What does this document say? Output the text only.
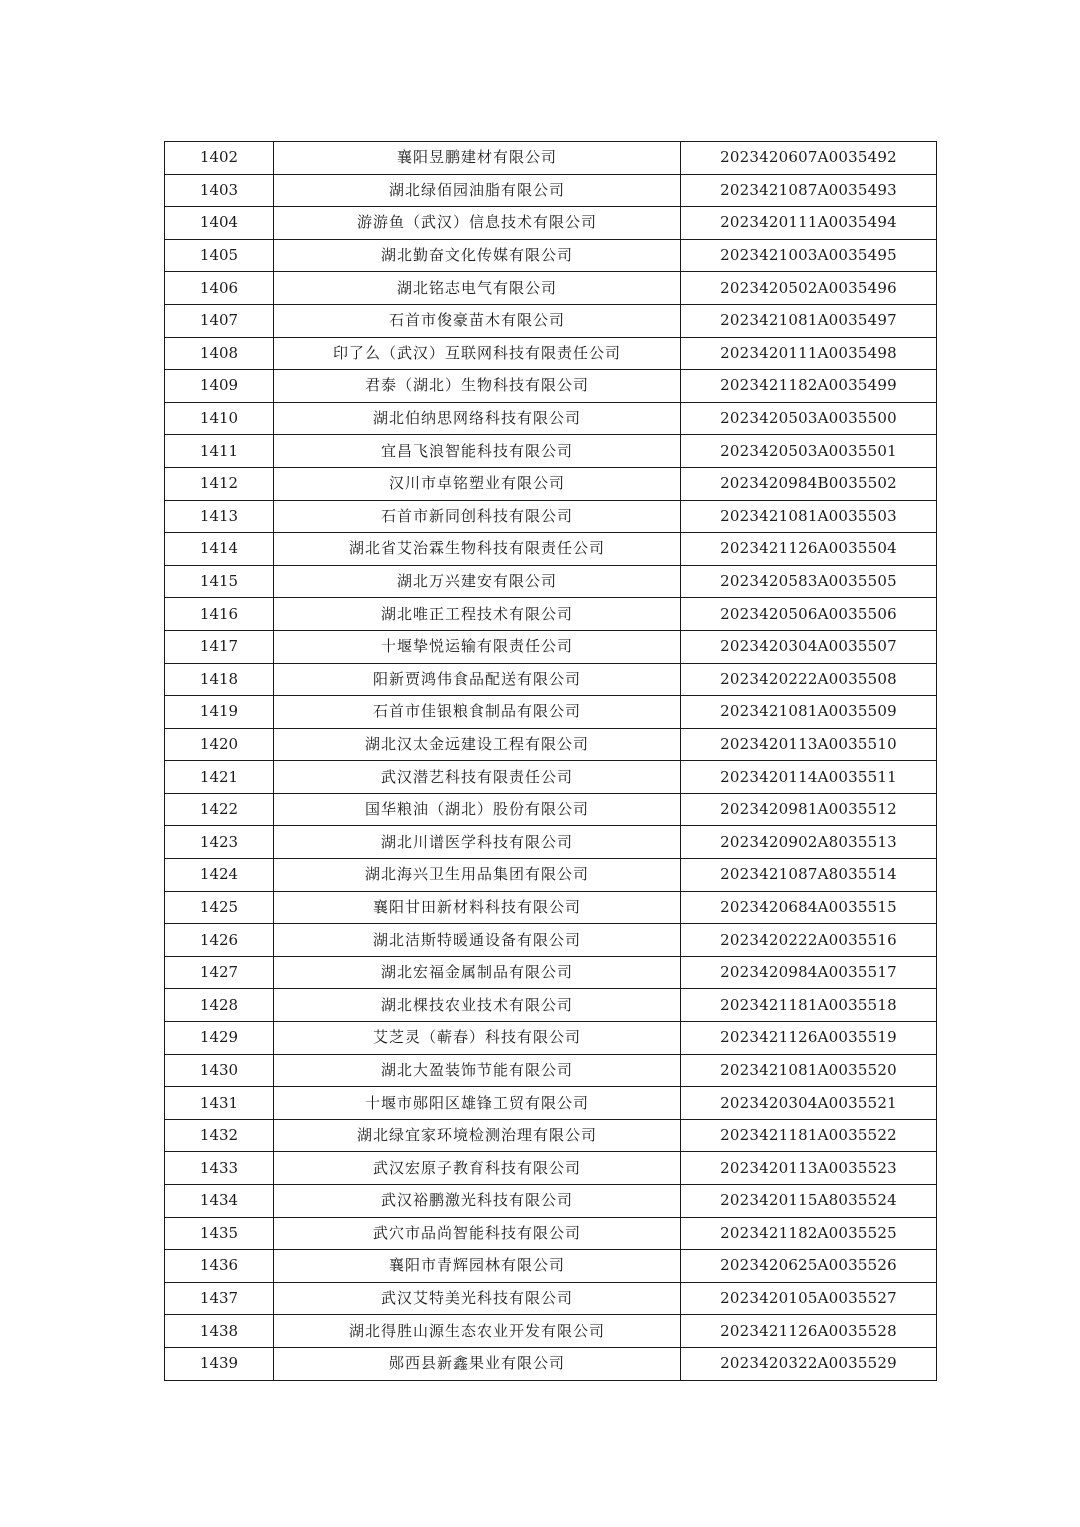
1402	襄阳昱鹏建材有限公司	2023420607A0035492
1403	湖北绿佰园油脂有限公司	2023421087A0035493
1404	游游鱼（武汉）信息技术有限公司	2023420111A0035494
1405	湖北勤奋文化传媒有限公司	2023421003A0035495
1406	湖北铭志电气有限公司	2023420502A0035496
1407	石首市俊豪苗木有限公司	2023421081A0035497
1408	印了么（武汉）互联网科技有限责任公司	2023420111A0035498
1409	君泰（湖北）生物科技有限公司	2023421182A0035499
1410	湖北伯纳思网络科技有限公司	2023420503A0035500
1411	宜昌飞浪智能科技有限公司	2023420503A0035501
1412	汉川市卓铭塑业有限公司	2023420984B0035502
1413	石首市新同创科技有限公司	2023421081A0035503
1414	湖北省艾治霖生物科技有限责任公司	2023421126A0035504
1415	湖北万兴建安有限公司	2023420583A0035505
1416	湖北唯正工程技术有限公司	2023420506A0035506
1417	十堰挚悦运输有限责任公司	2023420304A0035507
1418	阳新贾鸿伟食品配送有限公司	2023420222A0035508
1419	石首市佳银粮食制品有限公司	2023421081A0035509
1420	湖北汉太金远建设工程有限公司	2023420113A0035510
1421	武汉潜艺科技有限责任公司	2023420114A0035511
1422	国华粮油（湖北）股份有限公司	2023420981A0035512
1423	湖北川谱医学科技有限公司	2023420902A8035513
1424	湖北海兴卫生用品集团有限公司	2023421087A8035514
1425	襄阳甘田新材料科技有限公司	2023420684A0035515
1426	湖北洁斯特暖通设备有限公司	2023420222A0035516
1427	湖北宏福金属制品有限公司	2023420984A0035517
1428	湖北棵技农业技术有限公司	2023421181A0035518
1429	艾芝灵（蕲春）科技有限公司	2023421126A0035519
1430	湖北大盈装饰节能有限公司	2023421081A0035520
1431	十堰市郧阳区雄锋工贸有限公司	2023420304A0035521
1432	湖北绿宜家环境检测治理有限公司	2023421181A0035522
1433	武汉宏原子教育科技有限公司	2023420113A0035523
1434	武汉裕鹏激光科技有限公司	2023420115A8035524
1435	武穴市品尚智能科技有限公司	2023421182A0035525
1436	襄阳市青辉园林有限公司	2023420625A0035526
1437	武汉艾特美光科技有限公司	2023420105A0035527
1438	湖北得胜山源生态农业开发有限公司	2023421126A0035528
1439	郧西县新鑫果业有限公司	2023420322A0035529
